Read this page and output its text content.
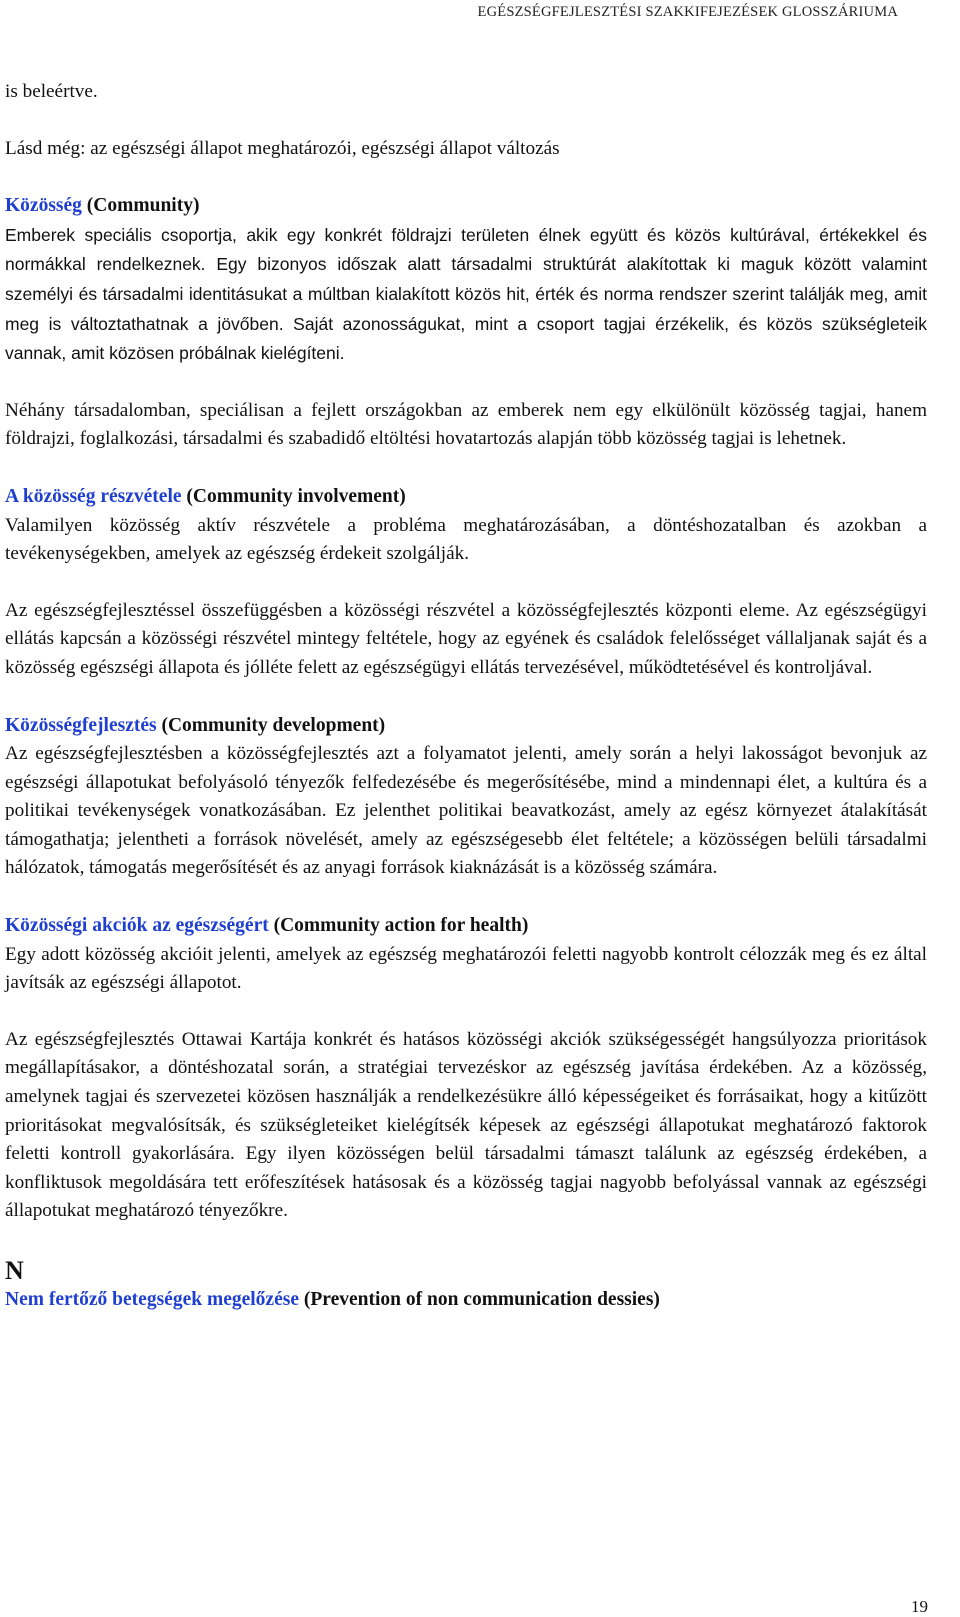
EGÉSZSÉGFEJLESZTÉSI SZAKKIFEJEZÉSEK GLOSSZÁRIUMA

is beleértve.

Lásd még: az egészségi állapot meghatározói, egészségi állapot változás

Közösség (Community)

Emberek speciális csoportja, akik egy konkrét földrajzi területen élnek együtt és közös kultúrával, értékekkel és normákkal rendelkeznek. Egy bizonyos időszak alatt társadalmi struktúrát alakítottak ki maguk között valamint személyi és társadalmi identitásukat a múltban kialakított közös hit, érték és norma rendszer szerint találják meg, amit meg is változtathatnak a jövőben. Saját azonosságukat, mint a csoport tagjai érzékelik, és közös szükségleteik vannak, amit közösen próbálnak kielégíteni.

Néhány társadalomban, speciálisan a fejlett országokban az emberek nem egy elkülönült közösség tagjai, hanem földrajzi, foglalkozási, társadalmi és szabadidő eltöltési hovatartozás alapján több közösség tagjai is lehetnek.

A közösség részvétele (Community involvement)

Valamilyen közösség aktív részvétele a probléma meghatározásában, a döntéshozatalban és azokban a tevékenységekben, amelyek az egészség érdekeit szolgálják.

Az egészségfejlesztéssel összefüggésben a közösségi részvétel a közösségfejlesztés központi eleme. Az egészségügyi ellátás kapcsán a közösségi részvétel mintegy feltétele, hogy az egyének és családok felelősséget vállaljanak saját és a közösség egészségi állapota és jólléte felett az egészségügyi ellátás tervezésével, működtetésével és kontroljával.

Közösségfejlesztés (Community development)

Az egészségfejlesztésben a közösségfejlesztés azt a folyamatot jelenti, amely során a helyi lakosságot bevonjuk az egészségi állapotukat befolyásoló tényezők felfedezésébe és megerősítésébe, mind a mindennapi élet, a kultúra és a politikai tevékenységek vonatkozásában. Ez jelenthet politikai beavatkozást, amely az egész környezet átalakítását támogathatja; jelentheti a források növelését, amely az egészségesebb élet feltétele; a közösségen belüli társadalmi hálózatok, támogatás megerősítését és az anyagi források kiaknázását is a közösség számára.

Közösségi akciók az egészségért (Community action for health)

Egy adott közösség akcióit jelenti, amelyek az egészség meghatározói feletti nagyobb kontrolt célozzák meg és ez által javítsák az egészségi állapotot.

Az egészségfejlesztés Ottawai Kartája konkrét és hatásos közösségi akciók szükségességét hangsúlyozza prioritások megállapításakor, a döntéshozatal során, a stratégiai tervezéskor az egészség javítása érdekében. Az a közösség, amelynek tagjai és szervezetei közösen használják a rendelkezésükre álló képességeiket és forrásaikat, hogy a kitűzött prioritásokat megvalósítsák, és szükségleteiket kielégítsék képesek az egészségi állapotukat meghatározó faktorok feletti kontroll gyakorlására. Egy ilyen közösségen belül társadalmi támaszt találunk az egészség érdekében, a konfliktusok megoldására tett erőfeszítések hatásosak és a közösség tagjai nagyobb befolyással vannak az egészségi állapotukat meghatározó tényezőkre.

N

Nem fertőző betegségek megelőzése (Prevention of non communication dessies)

19
